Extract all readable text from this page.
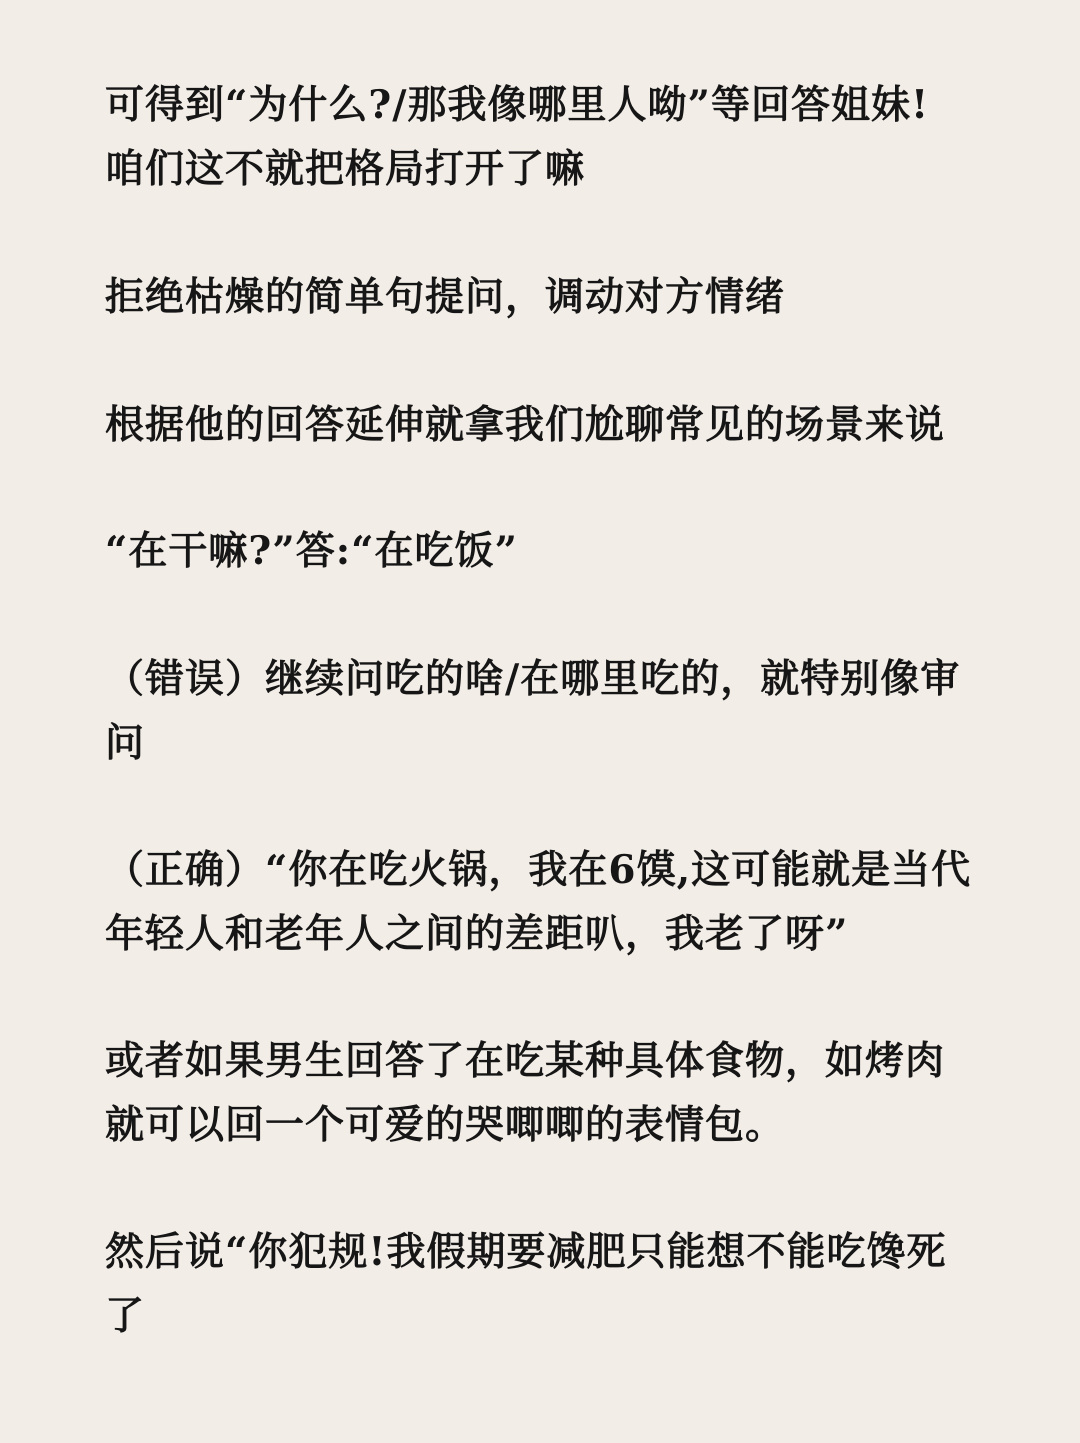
可得到“为什么?/那我像哪里人呦”等回答姐妹!
咱们这不就把格局打开了嘛

拒绝枯燥的简单句提问，调动对方情绪

根据他的回答延伸就拿我们尬聊常见的场景来说

“在干嘛?”答:“在吃饭”

（错误）继续问吃的啥/在哪里吃的，就特别像审
问

（正确）“你在吃火锅，我在6馍,这可能就是当代
年轻人和老年人之间的差距叭，我老了呀”

或者如果男生回答了在吃某种具体食物，如烤肉
就可以回一个可爱的哭唧唧的表情包。

然后说“你犯规!我假期要减肥只能想不能吃馋死
了
